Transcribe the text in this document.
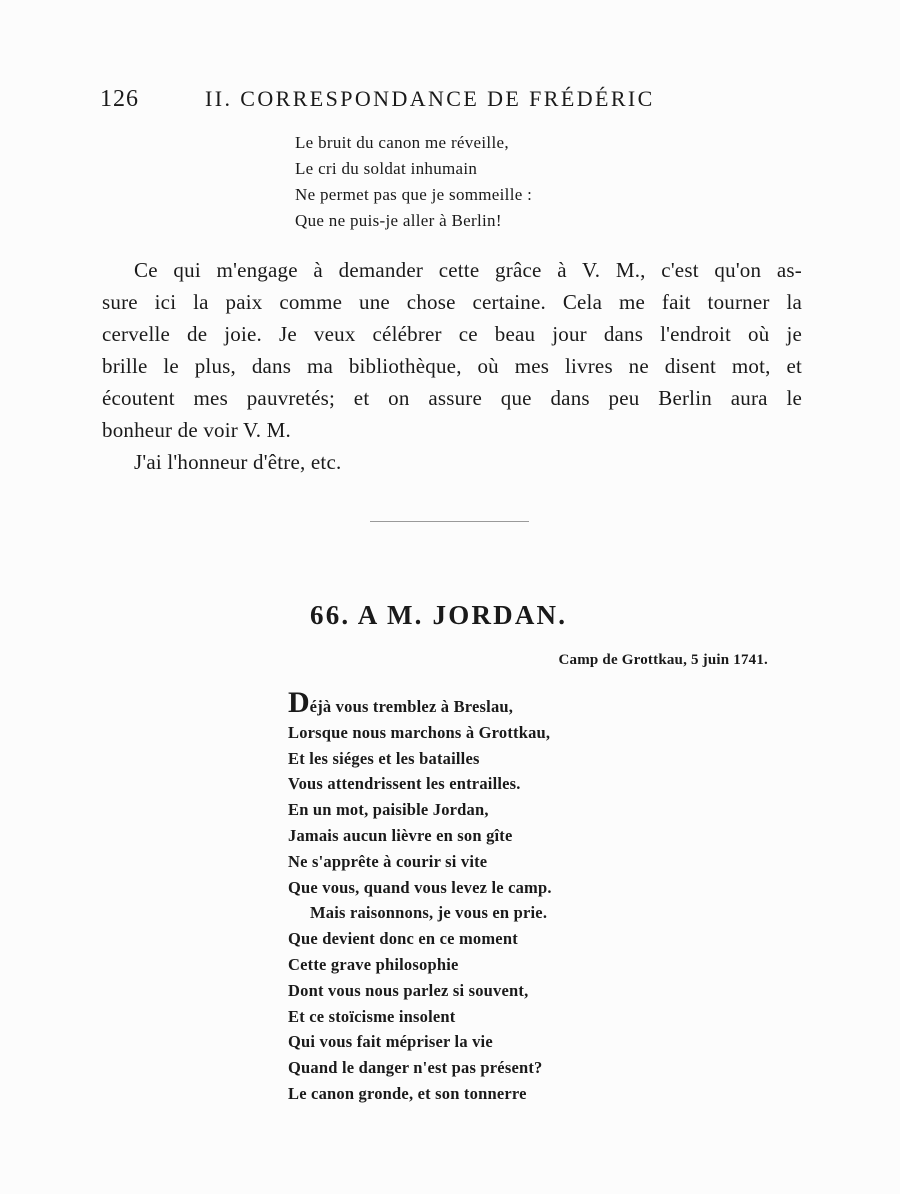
126	II. CORRESPONDANCE DE FRÉDÉRIC
Le bruit du canon me réveille,
Le cri du soldat inhumain
Ne permet pas que je sommeille :
Que ne puis-je aller à Berlin!
Ce qui m'engage à demander cette grâce à V. M., c'est qu'on as-
sure ici la paix comme une chose certaine. Cela me fait tourner la
cervelle de joie. Je veux célébrer ce beau jour dans l'endroit où je
brille le plus, dans ma bibliothèque, où mes livres ne disent mot, et
écoutent mes pauvretés; et on assure que dans peu Berlin aura le
bonheur de voir V. M.
J'ai l'honneur d'être, etc.
66. A M. JORDAN.
Camp de Grottkau, 5 juin 1741.
Déjà vous tremblez à Breslau,
Lorsque nous marchons à Grottkau,
Et les siéges et les batailles
Vous attendrissent les entrailles.
En un mot, paisible Jordan,
Jamais aucun lièvre en son gîte
Ne s'apprête à courir si vite
Que vous, quand vous levez le camp.
Mais raisonnons, je vous en prie.
Que devient donc en ce moment
Cette grave philosophie
Dont vous nous parlez si souvent,
Et ce stoïcisme insolent
Qui vous fait mépriser la vie
Quand le danger n'est pas présent?
Le canon gronde, et son tonnerre
